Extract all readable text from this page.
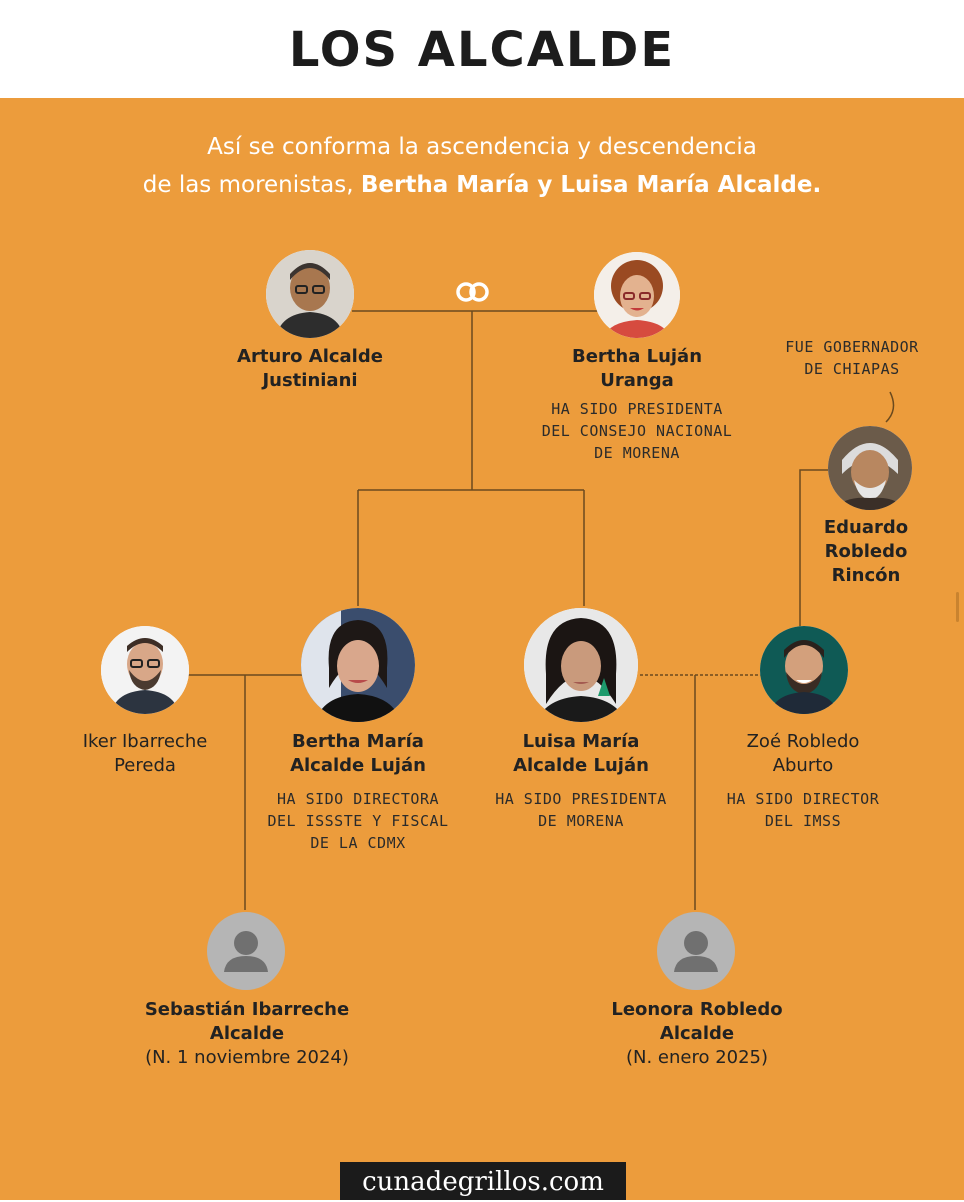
LOS ALCALDE
Así se conforma la ascendencia y descendencia
de las morenistas, Bertha María y Luisa María Alcalde.
Arturo Alcalde
Justiniani
Bertha Luján
Uranga
HA SIDO PRESIDENTA
DEL CONSEJO NACIONAL
DE MORENA
FUE GOBERNADOR
DE CHIAPAS
Eduardo
Robledo
Rincón
Iker Ibarreche
Pereda
Bertha María
Alcalde Luján
HA SIDO DIRECTORA
DEL ISSSTE Y FISCAL
DE LA CDMX
Luisa María
Alcalde Luján
HA SIDO PRESIDENTA
DE MORENA
Zoé Robledo
Aburto
HA SIDO DIRECTOR
DEL IMSS
Sebastián Ibarreche
Alcalde
(N. 1 noviembre 2024)
Leonora Robledo
Alcalde
(N. enero 2025)
cunadegrillos.com
